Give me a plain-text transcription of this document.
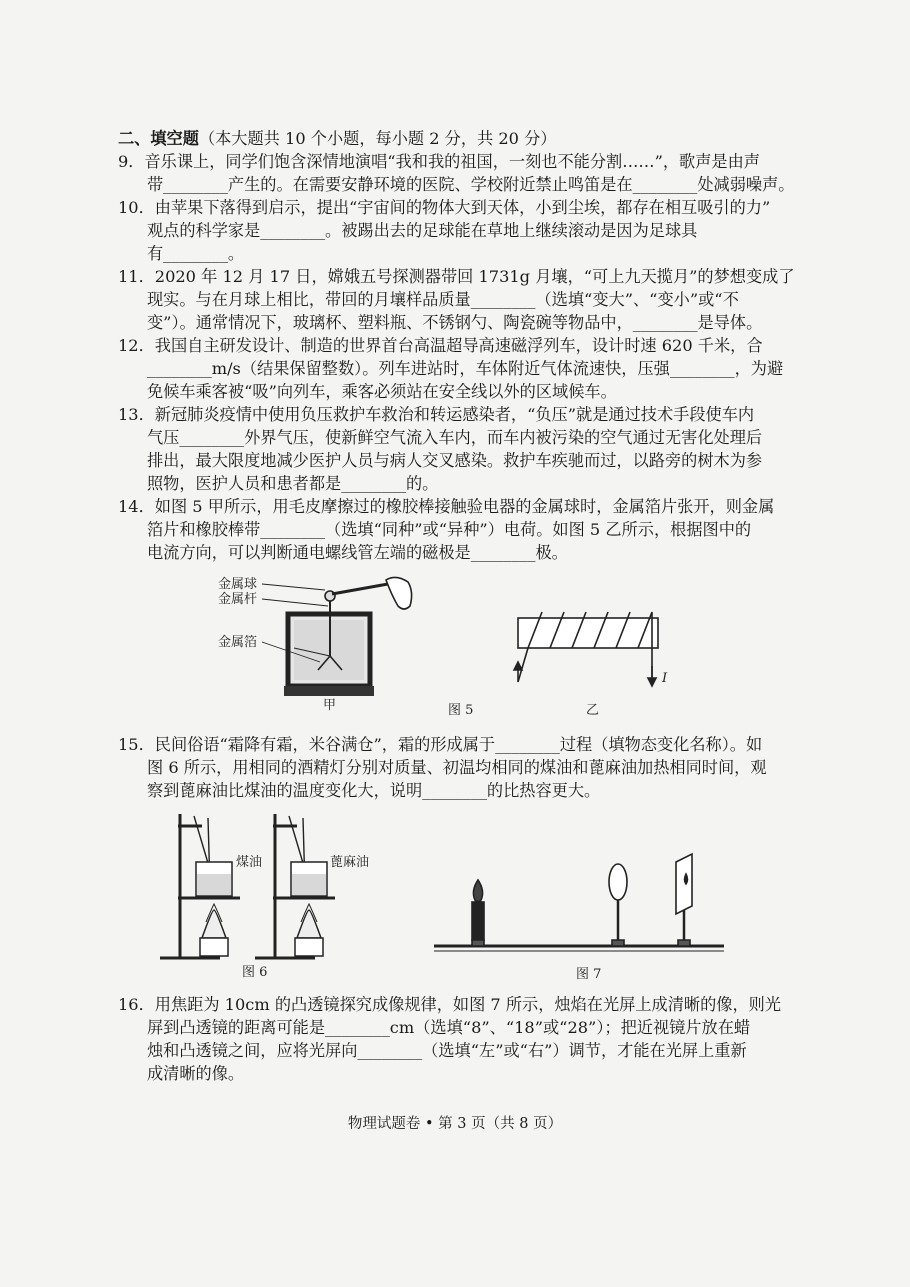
二、填空题（本大题共 10 个小题，每小题 2 分，共 20 分）
9．音乐课上，同学们饱含深情地演唱“我和我的祖国，一刻也不能分割……”，歌声是由声
带________产生的。在需要安静环境的医院、学校附近禁止鸣笛是在________处减弱噪声。
10．由苹果下落得到启示，提出“宇宙间的物体大到天体，小到尘埃，都存在相互吸引的力”
观点的科学家是________。被踢出去的足球能在草地上继续滚动是因为足球具
有________。
11．2020 年 12 月 17 日，嫦娥五号探测器带回 1731g 月壤，“可上九天揽月”的梦想变成了
现实。与在月球上相比，带回的月壤样品质量________（选填“变大”、“变小”或“不
变”）。通常情况下，玻璃杯、塑料瓶、不锈钢勺、陶瓷碗等物品中，________是导体。
12．我国自主研发设计、制造的世界首台高温超导高速磁浮列车，设计时速 620 千米，合
________m/s（结果保留整数）。列车进站时，车体附近气体流速快，压强________，为避
免候车乘客被“吸”向列车，乘客必须站在安全线以外的区域候车。
13．新冠肺炎疫情中使用负压救护车救治和转运感染者，“负压”就是通过技术手段使车内
气压________外界气压，使新鲜空气流入车内，而车内被污染的空气通过无害化处理后
排出，最大限度地减少医护人员与病人交叉感染。救护车疾驰而过，以路旁的树木为参
照物，医护人员和患者都是________的。
14．如图 5 甲所示，用毛皮摩擦过的橡胶棒接触验电器的金属球时，金属箔片张开，则金属
箔片和橡胶棒带________（选填“同种”或“异种”）电荷。如图 5 乙所示，根据图中的
电流方向，可以判断通电螺线管左端的磁极是________极。
金属球
金属杆
金属箔
甲	图 5
I
乙
15．民间俗语“霜降有霜，米谷满仓”，霜的形成属于________过程（填物态变化名称）。如
图 6 所示，用相同的酒精灯分别对质量、初温均相同的煤油和蓖麻油加热相同时间，观
察到蓖麻油比煤油的温度变化大，说明________的比热容更大。
煤油	蓖麻油
图 6	图 7
16．用焦距为 10cm 的凸透镜探究成像规律，如图 7 所示，烛焰在光屏上成清晰的像，则光
屏到凸透镜的距离可能是________cm（选填“8”、“18”或“28”）；把近视镜片放在蜡
烛和凸透镜之间，应将光屏向________（选填“左”或“右”）调节，才能在光屏上重新
成清晰的像。
物理试题卷 • 第 3 页（共 8 页）
